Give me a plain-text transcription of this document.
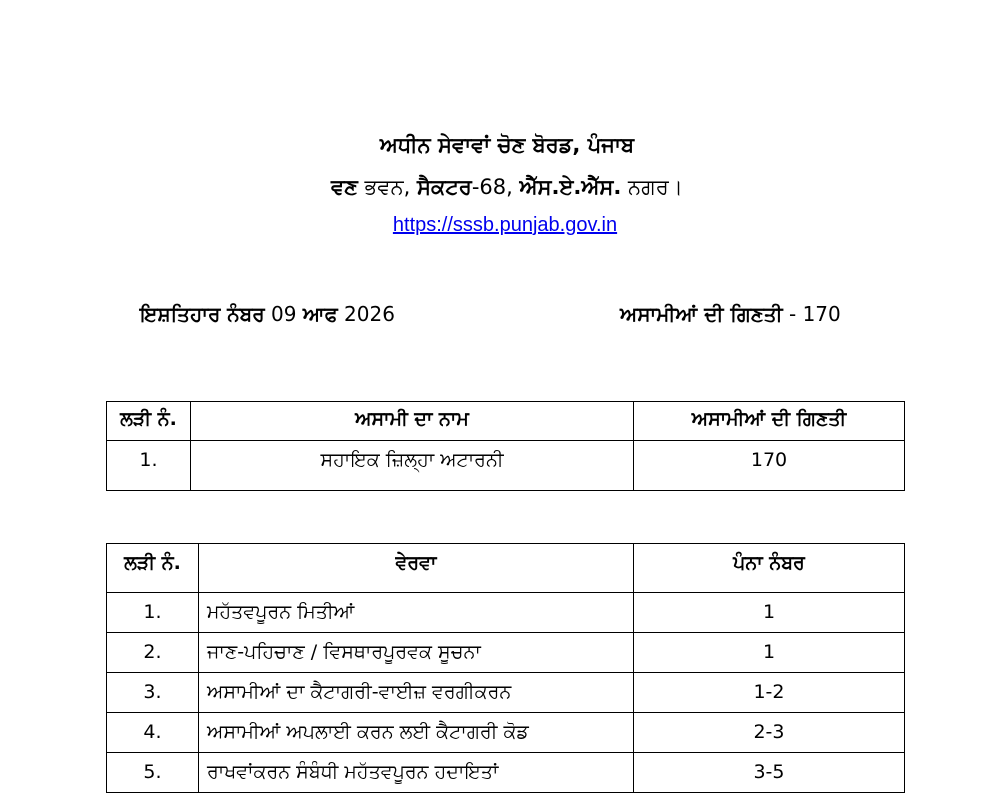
ਅਧੀਨ ਸੇਵਾਵਾਂ ਚੋਣ ਬੋਰਡ, ਪੰਜਾਬ
ਵਣ ਭਵਨ, ਸੈਕਟਰ-68, ਐੱਸ.ਏ.ਐੱਸ. ਨਗਰ।
https://sssb.punjab.gov.in
ਇਸ਼ਤਿਹਾਰ ਨੰਬਰ 09 ਆਫ 2026	ਅਸਾਮੀਆਂ ਦੀ ਗਿਣਤੀ - 170
ਲੜੀ ਨੰ.	ਅਸਾਮੀ ਦਾ ਨਾਮ	ਅਸਾਮੀਆਂ ਦੀ ਗਿਣਤੀ
1.	ਸਹਾਇਕ ਜ਼ਿਲ੍ਹਾ ਅਟਾਰਨੀ	170
ਲੜੀ ਨੰ.	ਵੇਰਵਾ	ਪੰਨਾ ਨੰਬਰ
1.	ਮਹੱਤਵਪੂਰਨ ਮਿਤੀਆਂ	1
2.	ਜਾਣ-ਪਹਿਚਾਣ / ਵਿਸਥਾਰਪੂਰਵਕ ਸੂਚਨਾ	1
3.	ਅਸਾਮੀਆਂ ਦਾ ਕੈਟਾਗਰੀ-ਵਾਈਜ਼ ਵਰਗੀਕਰਨ	1-2
4.	ਅਸਾਮੀਆਂ ਅਪਲਾਈ ਕਰਨ ਲਈ ਕੈਟਾਗਰੀ ਕੋਡ	2-3
5.	ਰਾਖਵਾਂਕਰਨ ਸੰਬੰਧੀ ਮਹੱਤਵਪੂਰਨ ਹਦਾਇਤਾਂ	3-5
